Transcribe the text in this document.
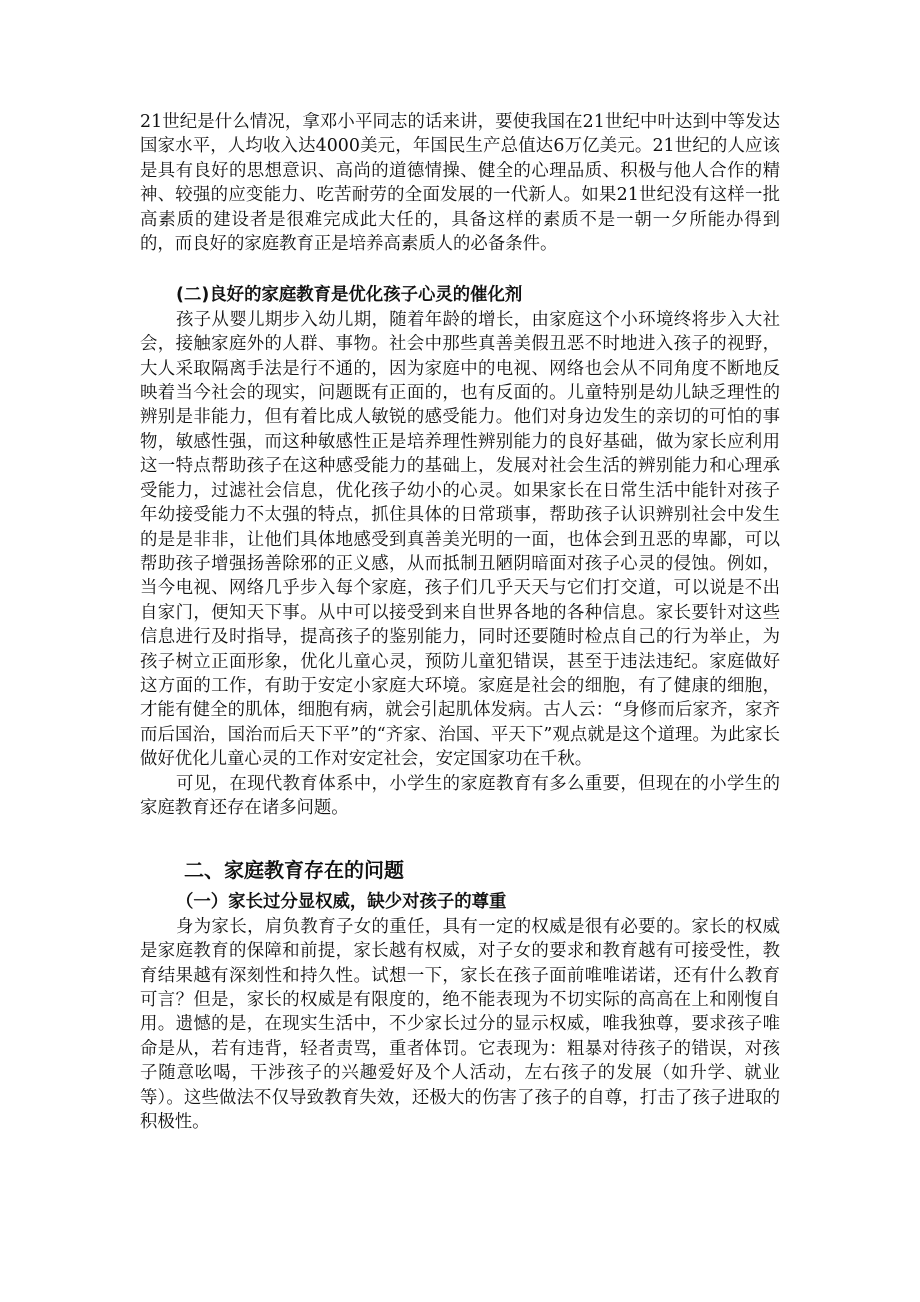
21世纪是什么情况，拿邓小平同志的话来讲，要使我国在21世纪中叶达到中等发达国家水平，人均收入达4000美元，年国民生产总值达6万亿美元。21世纪的人应该是具有良好的思想意识、高尚的道德情操、健全的心理品质、积极与他人合作的精神、较强的应变能力、吃苦耐劳的全面发展的一代新人。如果21世纪没有这样一批高素质的建设者是很难完成此大任的，具备这样的素质不是一朝一夕所能办得到的，而良好的家庭教育正是培养高素质人的必备条件。

(二)良好的家庭教育是优化孩子心灵的催化剂

孩子从婴儿期步入幼儿期，随着年龄的增长，由家庭这个小环境终将步入大社会，接触家庭外的人群、事物。社会中那些真善美假丑恶不时地进入孩子的视野，大人采取隔离手法是行不通的，因为家庭中的电视、网络也会从不同角度不断地反映着当今社会的现实，问题既有正面的，也有反面的。儿童特别是幼儿缺乏理性的辨别是非能力，但有着比成人敏锐的感受能力。他们对身边发生的亲切的可怕的事物，敏感性强，而这种敏感性正是培养理性辨别能力的良好基础，做为家长应利用这一特点帮助孩子在这种感受能力的基础上，发展对社会生活的辨别能力和心理承受能力，过滤社会信息，优化孩子幼小的心灵。如果家长在日常生活中能针对孩子年幼接受能力不太强的特点，抓住具体的日常琐事，帮助孩子认识辨别社会中发生的是是非非，让他们具体地感受到真善美光明的一面，也体会到丑恶的卑鄙，可以帮助孩子增强扬善除邪的正义感，从而抵制丑陋阴暗面对孩子心灵的侵蚀。例如，当今电视、网络几乎步入每个家庭，孩子们几乎天天与它们打交道，可以说是不出自家门，便知天下事。从中可以接受到来自世界各地的各种信息。家长要针对这些信息进行及时指导，提高孩子的鉴别能力，同时还要随时检点自己的行为举止，为孩子树立正面形象，优化儿童心灵，预防儿童犯错误，甚至于违法违纪。家庭做好这方面的工作，有助于安定小家庭大环境。家庭是社会的细胞，有了健康的细胞，才能有健全的肌体，细胞有病，就会引起肌体发病。古人云：“身修而后家齐，家齐而后国治，国治而后天下平”的“齐家、治国、平天下”观点就是这个道理。为此家长做好优化儿童心灵的工作对安定社会，安定国家功在千秋。

可见，在现代教育体系中，小学生的家庭教育有多么重要，但现在的小学生的家庭教育还存在诸多问题。

二、家庭教育存在的问题

（一）家长过分显权威，缺少对孩子的尊重

身为家长，肩负教育子女的重任，具有一定的权威是很有必要的。家长的权威是家庭教育的保障和前提，家长越有权威，对子女的要求和教育越有可接受性，教育结果越有深刻性和持久性。试想一下，家长在孩子面前唯唯诺诺，还有什么教育可言？但是，家长的权威是有限度的，绝不能表现为不切实际的高高在上和刚愎自用。遗憾的是，在现实生活中，不少家长过分的显示权威，唯我独尊，要求孩子唯命是从，若有违背，轻者责骂，重者体罚。它表现为：粗暴对待孩子的错误，对孩子随意吆喝，干涉孩子的兴趣爱好及个人活动，左右孩子的发展（如升学、就业等）。这些做法不仅导致教育失效，还极大的伤害了孩子的自尊，打击了孩子进取的积极性。
